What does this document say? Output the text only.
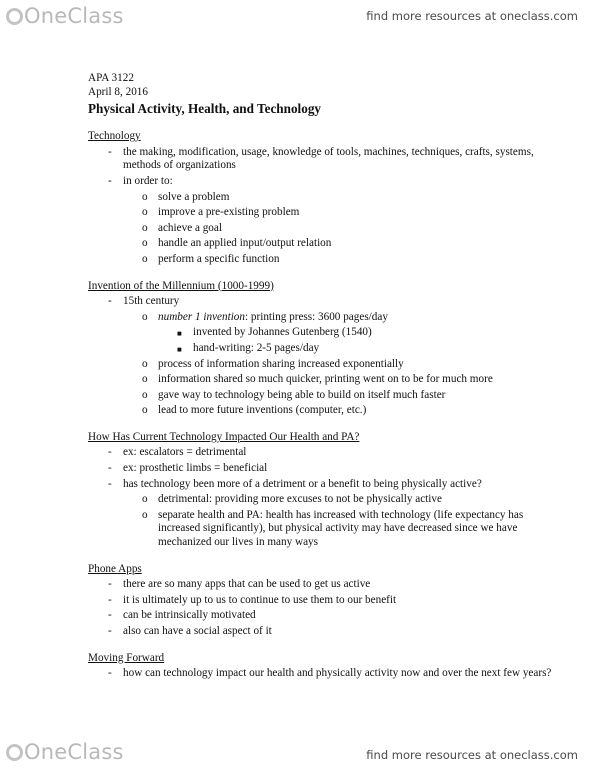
OneClass	find more resources at oneclass.com
APA 3122
April 8, 2016
Physical Activity, Health, and Technology
Technology
- the making, modification, usage, knowledge of tools, machines, techniques, crafts, systems, methods of organizations
- in order to:
o solve a problem
o improve a pre-existing problem
o achieve a goal
o handle an applied input/output relation
o perform a specific function
Invention of the Millennium (1000-1999)
- 15th century
o number 1 invention: printing press: 3600 pages/day
■ invented by Johannes Gutenberg (1540)
■ hand-writing: 2-5 pages/day
o process of information sharing increased exponentially
o information shared so much quicker, printing went on to be for much more
o gave way to technology being able to build on itself much faster
o lead to more future inventions (computer, etc.)
How Has Current Technology Impacted Our Health and PA?
- ex: escalators = detrimental
- ex: prosthetic limbs = beneficial
- has technology been more of a detriment or a benefit to being physically active?
o detrimental: providing more excuses to not be physically active
o separate health and PA: health has increased with technology (life expectancy has increased significantly), but physical activity may have decreased since we have mechanized our lives in many ways
Phone Apps
- there are so many apps that can be used to get us active
- it is ultimately up to us to continue to use them to our benefit
- can be intrinsically motivated
- also can have a social aspect of it
Moving Forward
- how can technology impact our health and physically activity now and over the next few years?
OneClass	find more resources at oneclass.com
